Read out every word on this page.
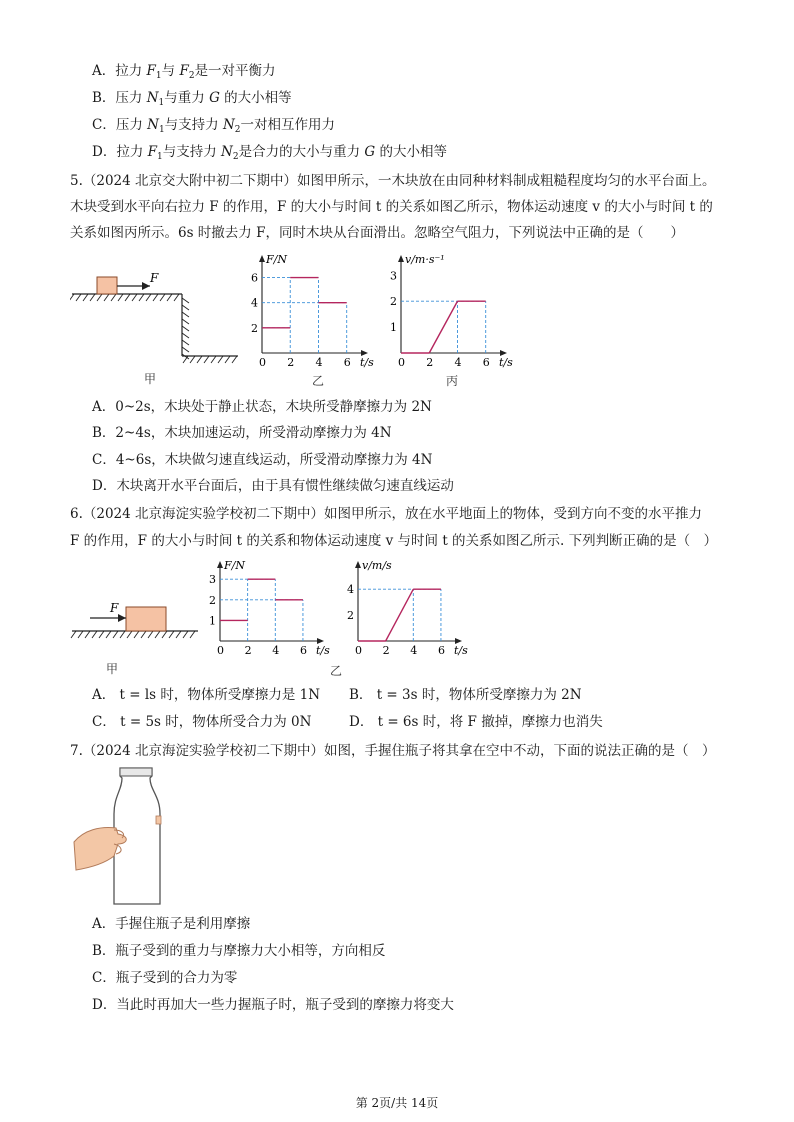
A．拉力 $F_1$与 $F_2$是一对平衡力
B．压力 $N_1$与重力 G 的大小相等
C．压力 $N_1$与支持力 $N_2$一对相互作用力
D．拉力 $F_1$与支持力 $N_2$是合力的大小与重力 G 的大小相等
5.（2024 北京交大附中初二下期中）如图甲所示，一木块放在由同种材料制成粗糙程度均匀的水平台面上。
木块受到水平向右拉力 F 的作用，F 的大小与时间 t 的关系如图乙所示，物体运动速度 v 的大小与时间 t 的
关系如图丙所示。6s 时撤去力 F，同时木块从台面滑出。忽略空气阻力，下列说法中正确的是（　　）
F
甲
F/N
t/s
0 2 4 6
2
4
6
乙
v/m·s⁻¹
t/s
0 2 4 6
1
2
3
丙
A．0~2s，木块处于静止状态，木块所受静摩擦力为 2N
B．2~4s，木块加速运动，所受滑动摩擦力为 4N
C．4~6s，木块做匀速直线运动，所受滑动摩擦力为 4N
D．木块离开水平台面后，由于具有惯性继续做匀速直线运动
6.（2024 北京海淀实验学校初二下期中）如图甲所示，放在水平地面上的物体，受到方向不变的水平推力
F 的作用，F 的大小与时间 t 的关系和物体运动速度 v 与时间 t 的关系如图乙所示. 下列判断正确的是（　）
F
甲
F/N
t/s
0 2 4 6
1
2
3
v/m/s
t/s
0 2 4 6
2
4
乙
A． t = ls 时，物体所受摩擦力是 1N B． t = 3s 时，物体所受摩擦力为 2N
C． t = 5s 时，物体所受合力为 0N	D． t = 6s 时，将 F 撤掉，摩擦力也消失
7.（2024 北京海淀实验学校初二下期中）如图，手握住瓶子将其拿在空中不动，下面的说法正确的是（　）
A．手握住瓶子是利用摩擦
B．瓶子受到的重力与摩擦力大小相等，方向相反
C．瓶子受到的合力为零
D．当此时再加大一些力握瓶子时，瓶子受到的摩擦力将变大
第 2页/共 14页
